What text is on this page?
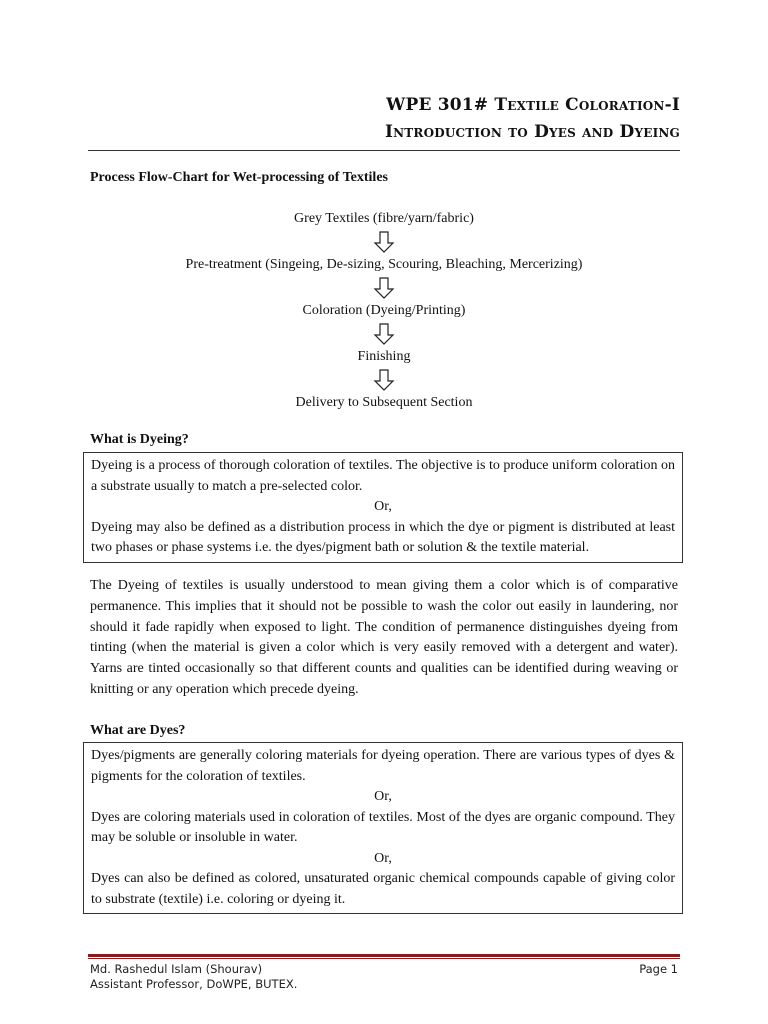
WPE 301# Textile Coloration-I
Introduction to Dyes and Dyeing
Process Flow-Chart for Wet-processing of Textiles
Grey Textiles (fibre/yarn/fabric)
Pre-treatment (Singeing, De-sizing, Scouring, Bleaching, Mercerizing)
Coloration (Dyeing/Printing)
Finishing
Delivery to Subsequent Section
What is Dyeing?
Dyeing is a process of thorough coloration of textiles. The objective is to produce uniform coloration on a substrate usually to match a pre-selected color.
Or,
Dyeing may also be defined as a distribution process in which the dye or pigment is distributed at least two phases or phase systems i.e. the dyes/pigment bath or solution & the textile material.
The Dyeing of textiles is usually understood to mean giving them a color which is of comparative permanence. This implies that it should not be possible to wash the color out easily in laundering, nor should it fade rapidly when exposed to light. The condition of permanence distinguishes dyeing from tinting (when the material is given a color which is very easily removed with a detergent and water). Yarns are tinted occasionally so that different counts and qualities can be identified during weaving or knitting or any operation which precede dyeing.
What are Dyes?
Dyes/pigments are generally coloring materials for dyeing operation. There are various types of dyes & pigments for the coloration of textiles.
Or,
Dyes are coloring materials used in coloration of textiles. Most of the dyes are organic compound. They may be soluble or insoluble in water.
Or,
Dyes can also be defined as colored, unsaturated organic chemical compounds capable of giving color to substrate (textile) i.e. coloring or dyeing it.
Md. Rashedul Islam (Shourav)
Assistant Professor, DoWPE, BUTEX.
Page 1
